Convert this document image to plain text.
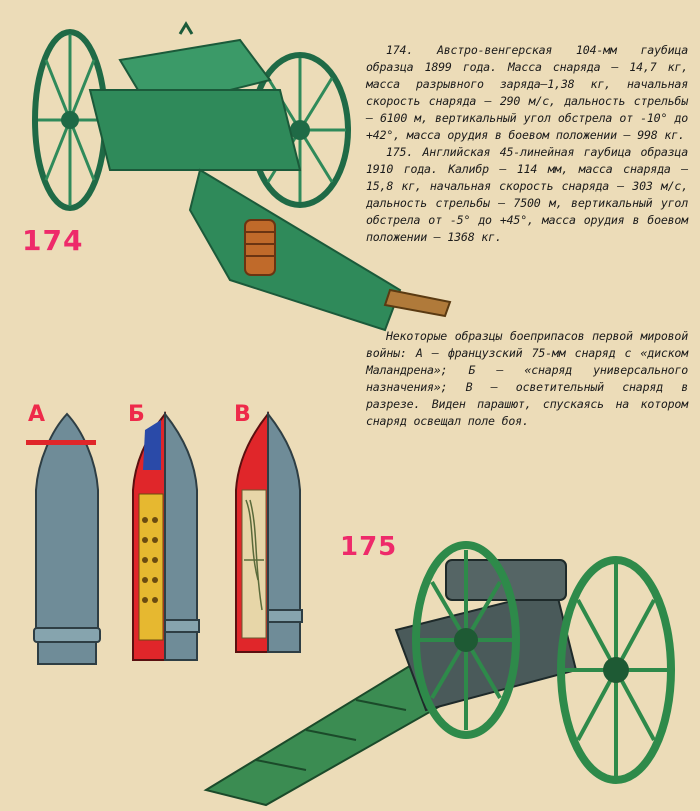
174

174. Австро-венгерская 104-мм гаубица образца 1899 года. Масса снаряда — 14,7 кг, масса разрывного заряда—1,38 кг, начальная скорость снаряда — 290 м/с, дальность стрельбы — 6100 м, вертикальный угол обстрела от -10° до +42°, масса орудия в боевом положении — 998 кг.

175. Английская 45-линейная гаубица образца 1910 года. Калибр — 114 мм, масса снаряда — 15,8 кг, начальная скорость снаряда — 303 м/с, дальность стрельбы — 7500 м, вертикальный угол обстрела от -5° до +45°, масса орудия в боевом положении — 1368 кг.

Некоторые образцы боеприпасов первой мировой войны: А — французский 75-мм снаряд с «диском Маландрена»; Б — «снаряд универсального назначения»; В — осветительный снаряд в разрезе. Виден парашют, спускаясь на котором снаряд освещал поле боя.

А	Б	В
175
